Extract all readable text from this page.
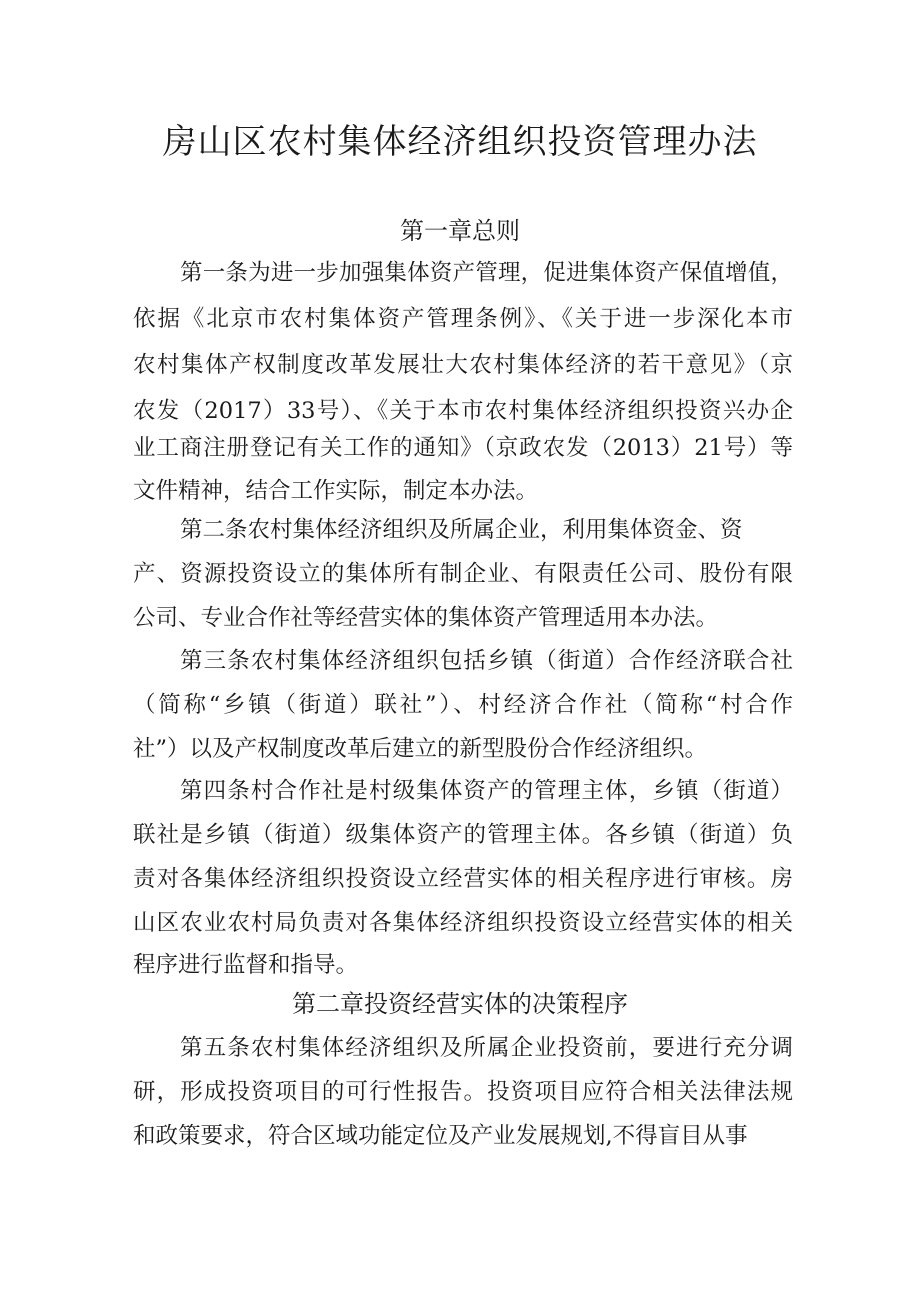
房山区农村集体经济组织投资管理办法
第一章总则
第一条为进一步加强集体资产管理，促进集体资产保值增值，
依据《北京市农村集体资产管理条例》、《关于进一步深化本市
农村集体产权制度改革发展壮大农村集体经济的若干意见》（京
农发（2017）33号）、《关于本市农村集体经济组织投资兴办企
业工商注册登记有关工作的通知》（京政农发（2013）21号）等
文件精神，结合工作实际，制定本办法。
第二条农村集体经济组织及所属企业，利用集体资金、资
产、资源投资设立的集体所有制企业、有限责任公司、股份有限
公司、专业合作社等经营实体的集体资产管理适用本办法。
第三条农村集体经济组织包括乡镇（街道）合作经济联合社
（简称“乡镇（街道）联社”）、村经济合作社（简称“村合作
社”）以及产权制度改革后建立的新型股份合作经济组织。
第四条村合作社是村级集体资产的管理主体，乡镇（街道）
联社是乡镇（街道）级集体资产的管理主体。各乡镇（街道）负
责对各集体经济组织投资设立经营实体的相关程序进行审核。房
山区农业农村局负责对各集体经济组织投资设立经营实体的相关
程序进行监督和指导。
第二章投资经营实体的决策程序
第五条农村集体经济组织及所属企业投资前，要进行充分调
研，形成投资项目的可行性报告。投资项目应符合相关法律法规
和政策要求，符合区域功能定位及产业发展规划,不得盲目从事
